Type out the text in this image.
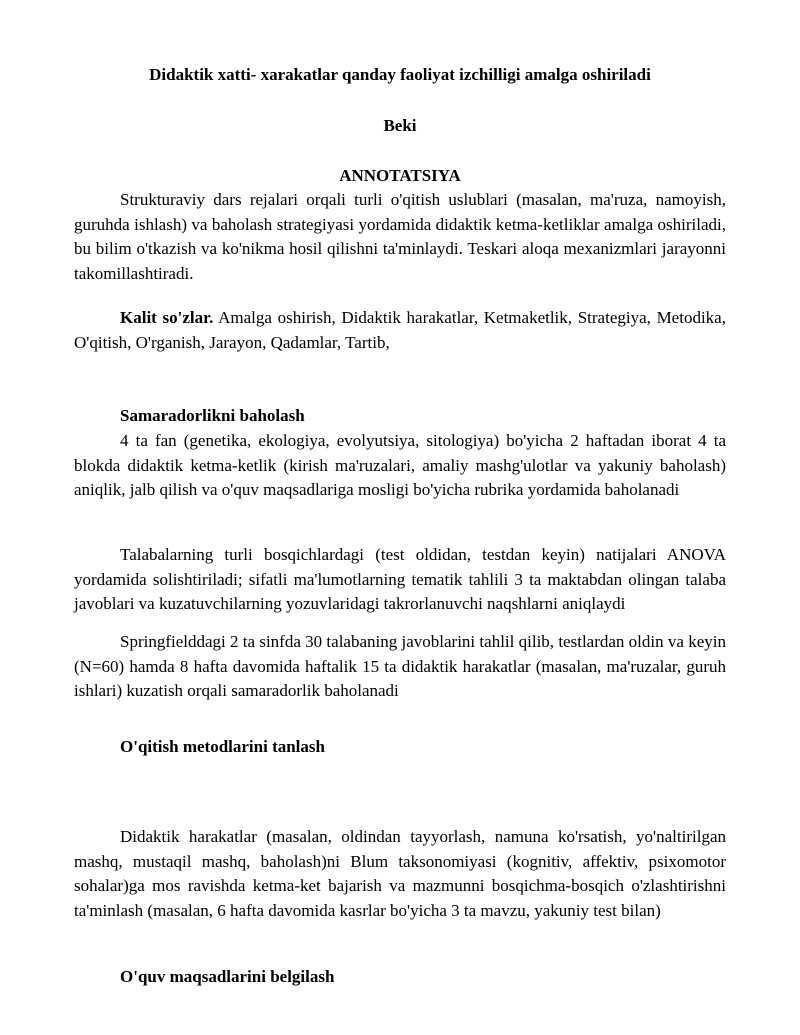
Didaktik xatti- xarakatlar qanday faoliyat izchilligi amalga oshiriladi

Beki

ANNOTATSIYA

Strukturaviy dars rejalari orqali turli o'qitish uslublari (masalan, ma'ruza, namoyish, guruhda ishlash) va baholash strategiyasi yordamida didaktik ketma-ketliklar amalga oshiriladi, bu bilim o'tkazish va ko'nikma hosil qilishni ta'minlaydi. Teskari aloqa mexanizmlari jarayonni takomillashtiradi.

Kalit so'zlar. Amalga oshirish, Didaktik harakatlar, Ketmaketlik, Strategiya, Metodika, O'qitish, O'rganish, Jarayon, Qadamlar, Tartib,

Samaradorlikni baholash

4 ta fan (genetika, ekologiya, evolyutsiya, sitologiya) bo'yicha 2 haftadan iborat 4 ta blokda didaktik ketma-ketlik (kirish ma'ruzalari, amaliy mashg'ulotlar va yakuniy baholash) aniqlik, jalb qilish va o'quv maqsadlariga mosligi bo'yicha rubrika yordamida baholanadi

Talabalarning turli bosqichlardagi (test oldidan, testdan keyin) natijalari ANOVA yordamida solishtiriladi; sifatli ma'lumotlarning tematik tahlili 3 ta maktabdan olingan talaba javoblari va kuzatuvchilarning yozuvlaridagi takrorlanuvchi naqshlarni aniqlaydi

Springfielddagi 2 ta sinfda 30 talabaning javoblarini tahlil qilib, testlardan oldin va keyin (N=60) hamda 8 hafta davomida haftalik 15 ta didaktik harakatlar (masalan, ma'ruzalar, guruh ishlari) kuzatish orqali samaradorlik baholanadi

O'qitish metodlarini tanlash

Didaktik harakatlar (masalan, oldindan tayyorlash, namuna ko'rsatish, yo'naltirilgan mashq, mustaqil mashq, baholash)ni Blum taksonomiyasi (kognitiv, affektiv, psixomotor sohalar)ga mos ravishda ketma-ket bajarish va mazmunni bosqichma-bosqich o'zlashtirishni ta'minlash (masalan, 6 hafta davomida kasrlar bo'yicha 3 ta mavzu, yakuniy test bilan)

O'quv maqsadlarini belgilash
